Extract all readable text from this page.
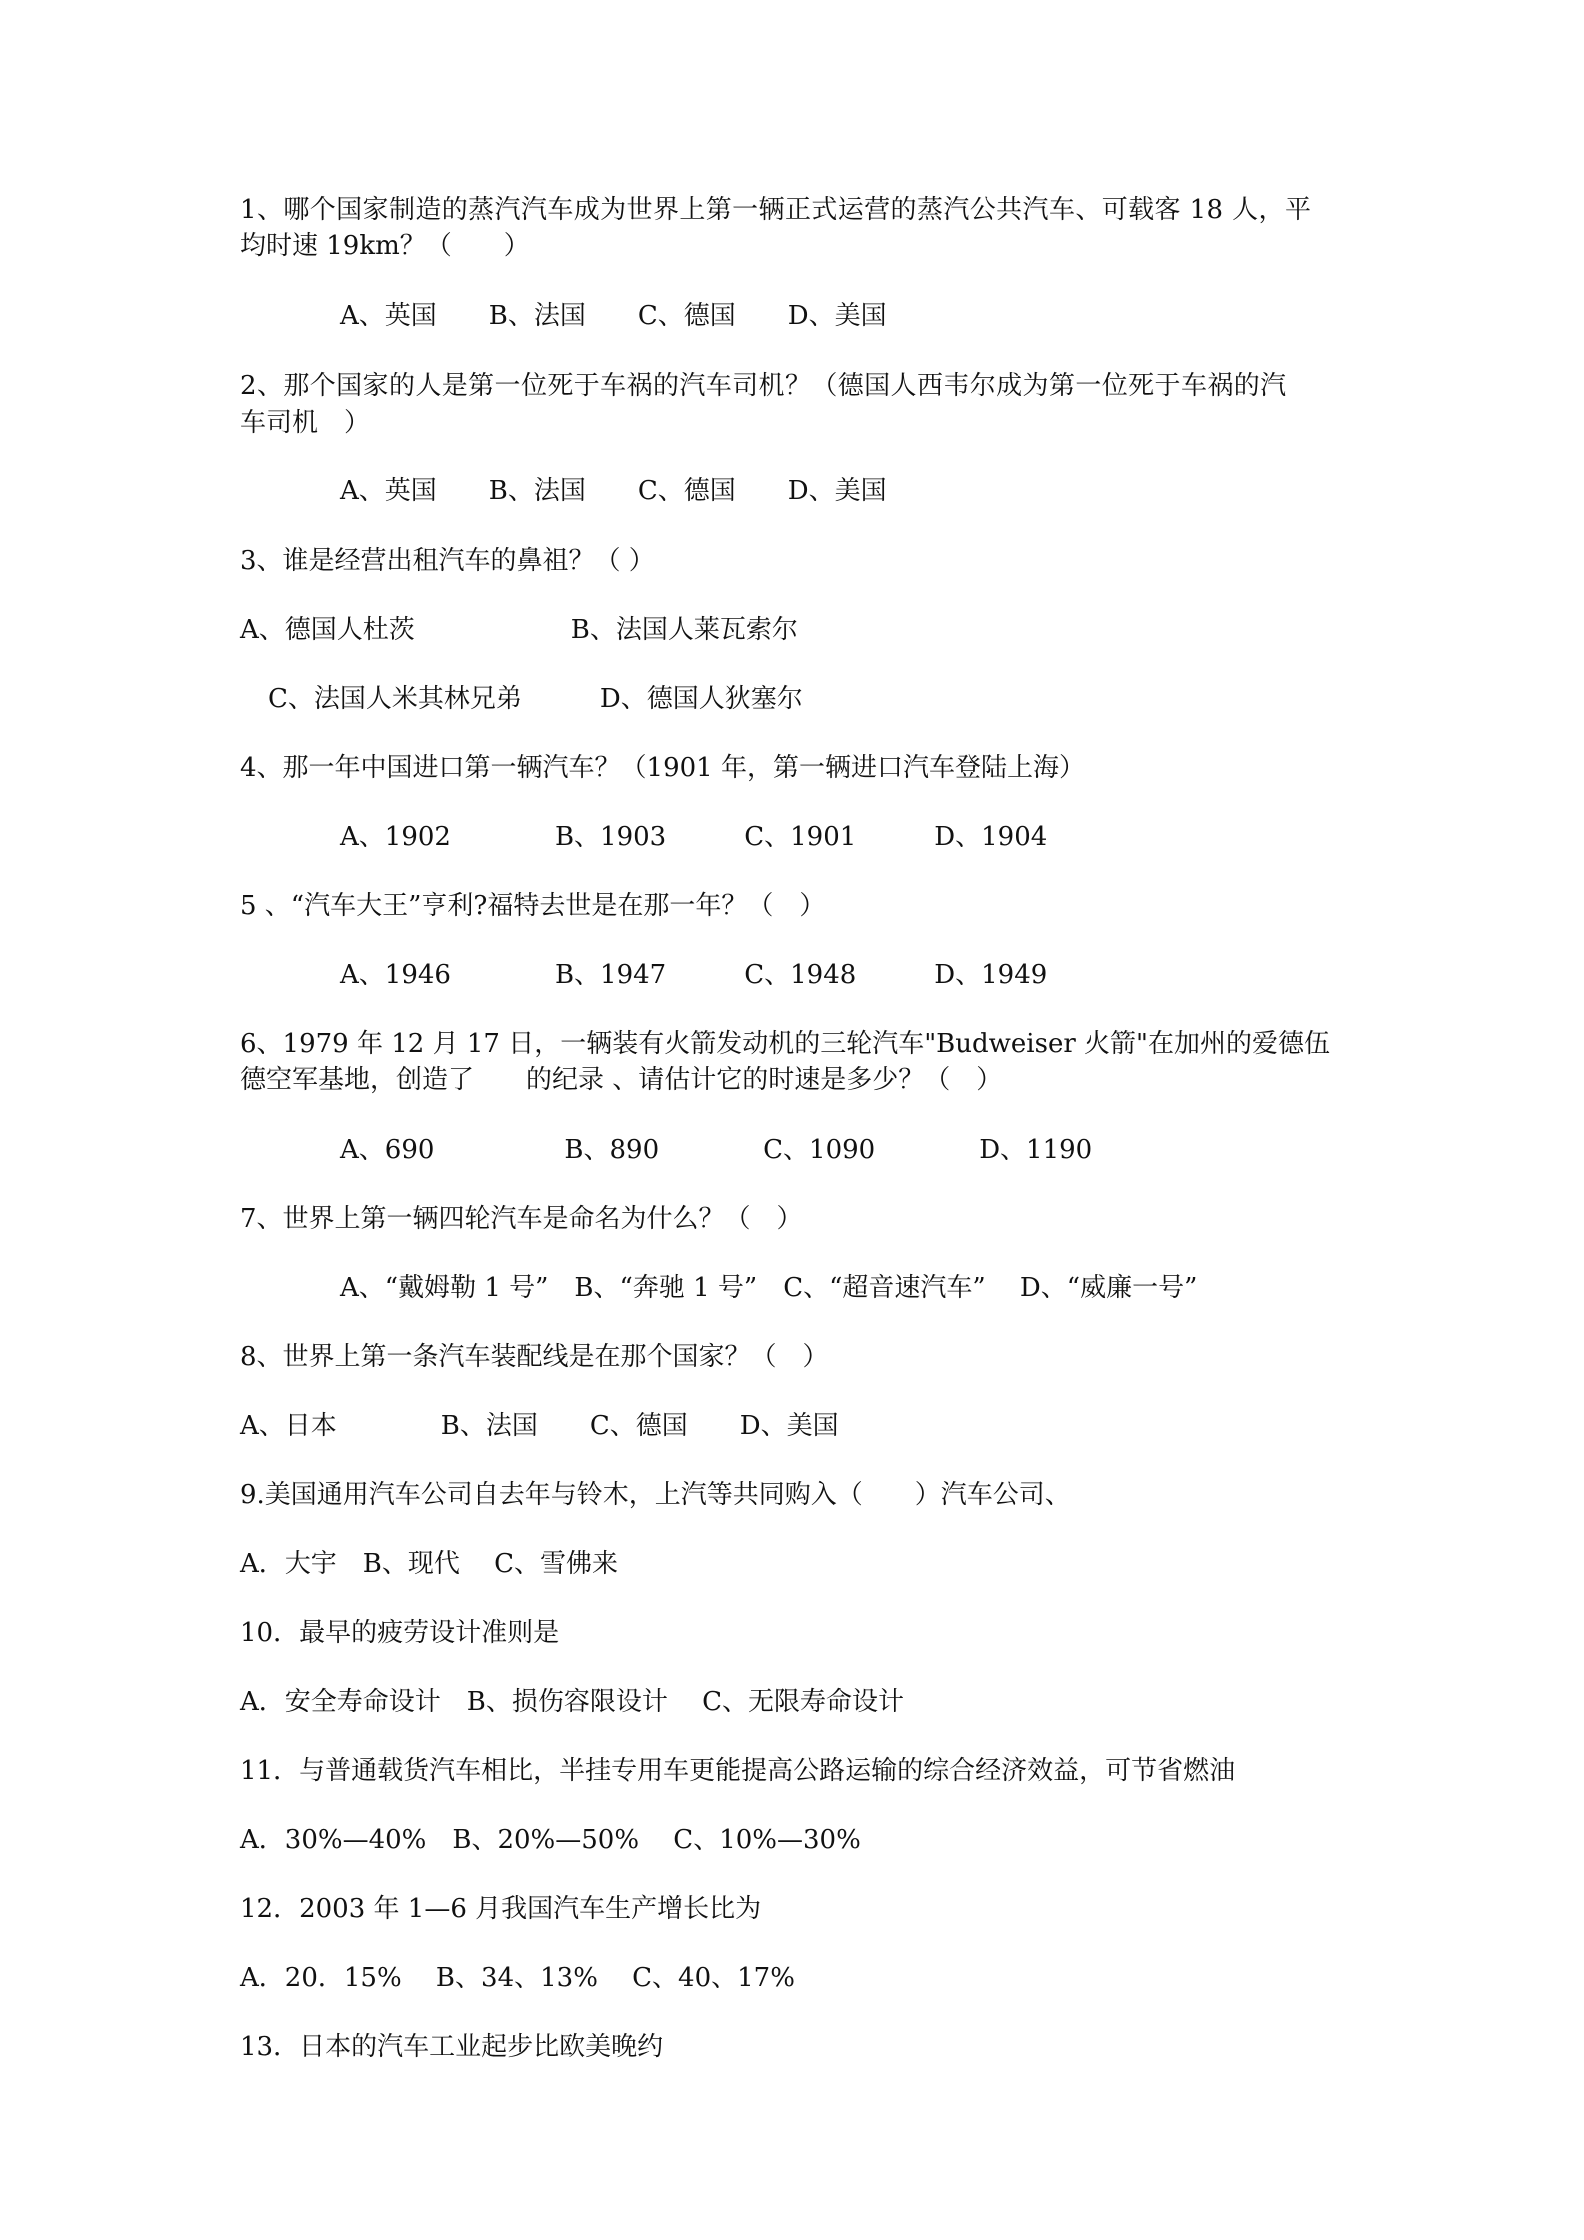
1、哪个国家制造的蒸汽汽车成为世界上第一辆正式运营的蒸汽公共汽车、可载客 18 人，平
均时速 19km？（　　）
A、英国　　B、法国　　C、德国　　D、美国
2、那个国家的人是第一位死于车祸的汽车司机？（德国人西韦尔成为第一位死于车祸的汽
车司机　）
A、英国　　B、法国　　C、德国　　D、美国
3、谁是经营出租汽车的鼻祖？（ ）
A、德国人杜茨　　　　　　B、法国人莱瓦索尔
C、法国人米其林兄弟　　　D、德国人狄塞尔
4、那一年中国进口第一辆汽车？（1901 年，第一辆进口汽车登陆上海）
A、1902　　　　B、1903　　　C、1901　　　D、1904
5 、“汽车大王”亨利?福特去世是在那一年？（　）
A、1946　　　　B、1947　　　C、1948　　　D、1949
6、1979 年 12 月 17 日，一辆装有火箭发动机的三轮汽车"Budweiser 火箭"在加州的爱德伍
德空军基地，创造了　　的纪录 、请估计它的时速是多少？（　）
A、690　　　　　B、890　　　　C、1090　　　　D、1190
7、世界上第一辆四轮汽车是命名为什么？（　）
A、“戴姆勒 1 号”　B、“奔驰 1 号”　C、“超音速汽车”　 D、“威廉一号”
8、世界上第一条汽车装配线是在那个国家？（　）
A、日本　　　　B、法国　　C、德国　　D、美国
9.美国通用汽车公司自去年与铃木，上汽等共同购入（　　）汽车公司、
A．大宇　B、现代　 C、雪佛来
10．最早的疲劳设计准则是
A．安全寿命设计　B、损伤容限设计　 C、无限寿命设计
11．与普通载货汽车相比，半挂专用车更能提高公路运输的综合经济效益，可节省燃油
A．30%—40%　B、20%—50%　 C、10%—30%
12．2003 年 1—6 月我国汽车生产增长比为
A．20．15%　 B、34、13%　 C、40、17%
13．日本的汽车工业起步比欧美晚约
